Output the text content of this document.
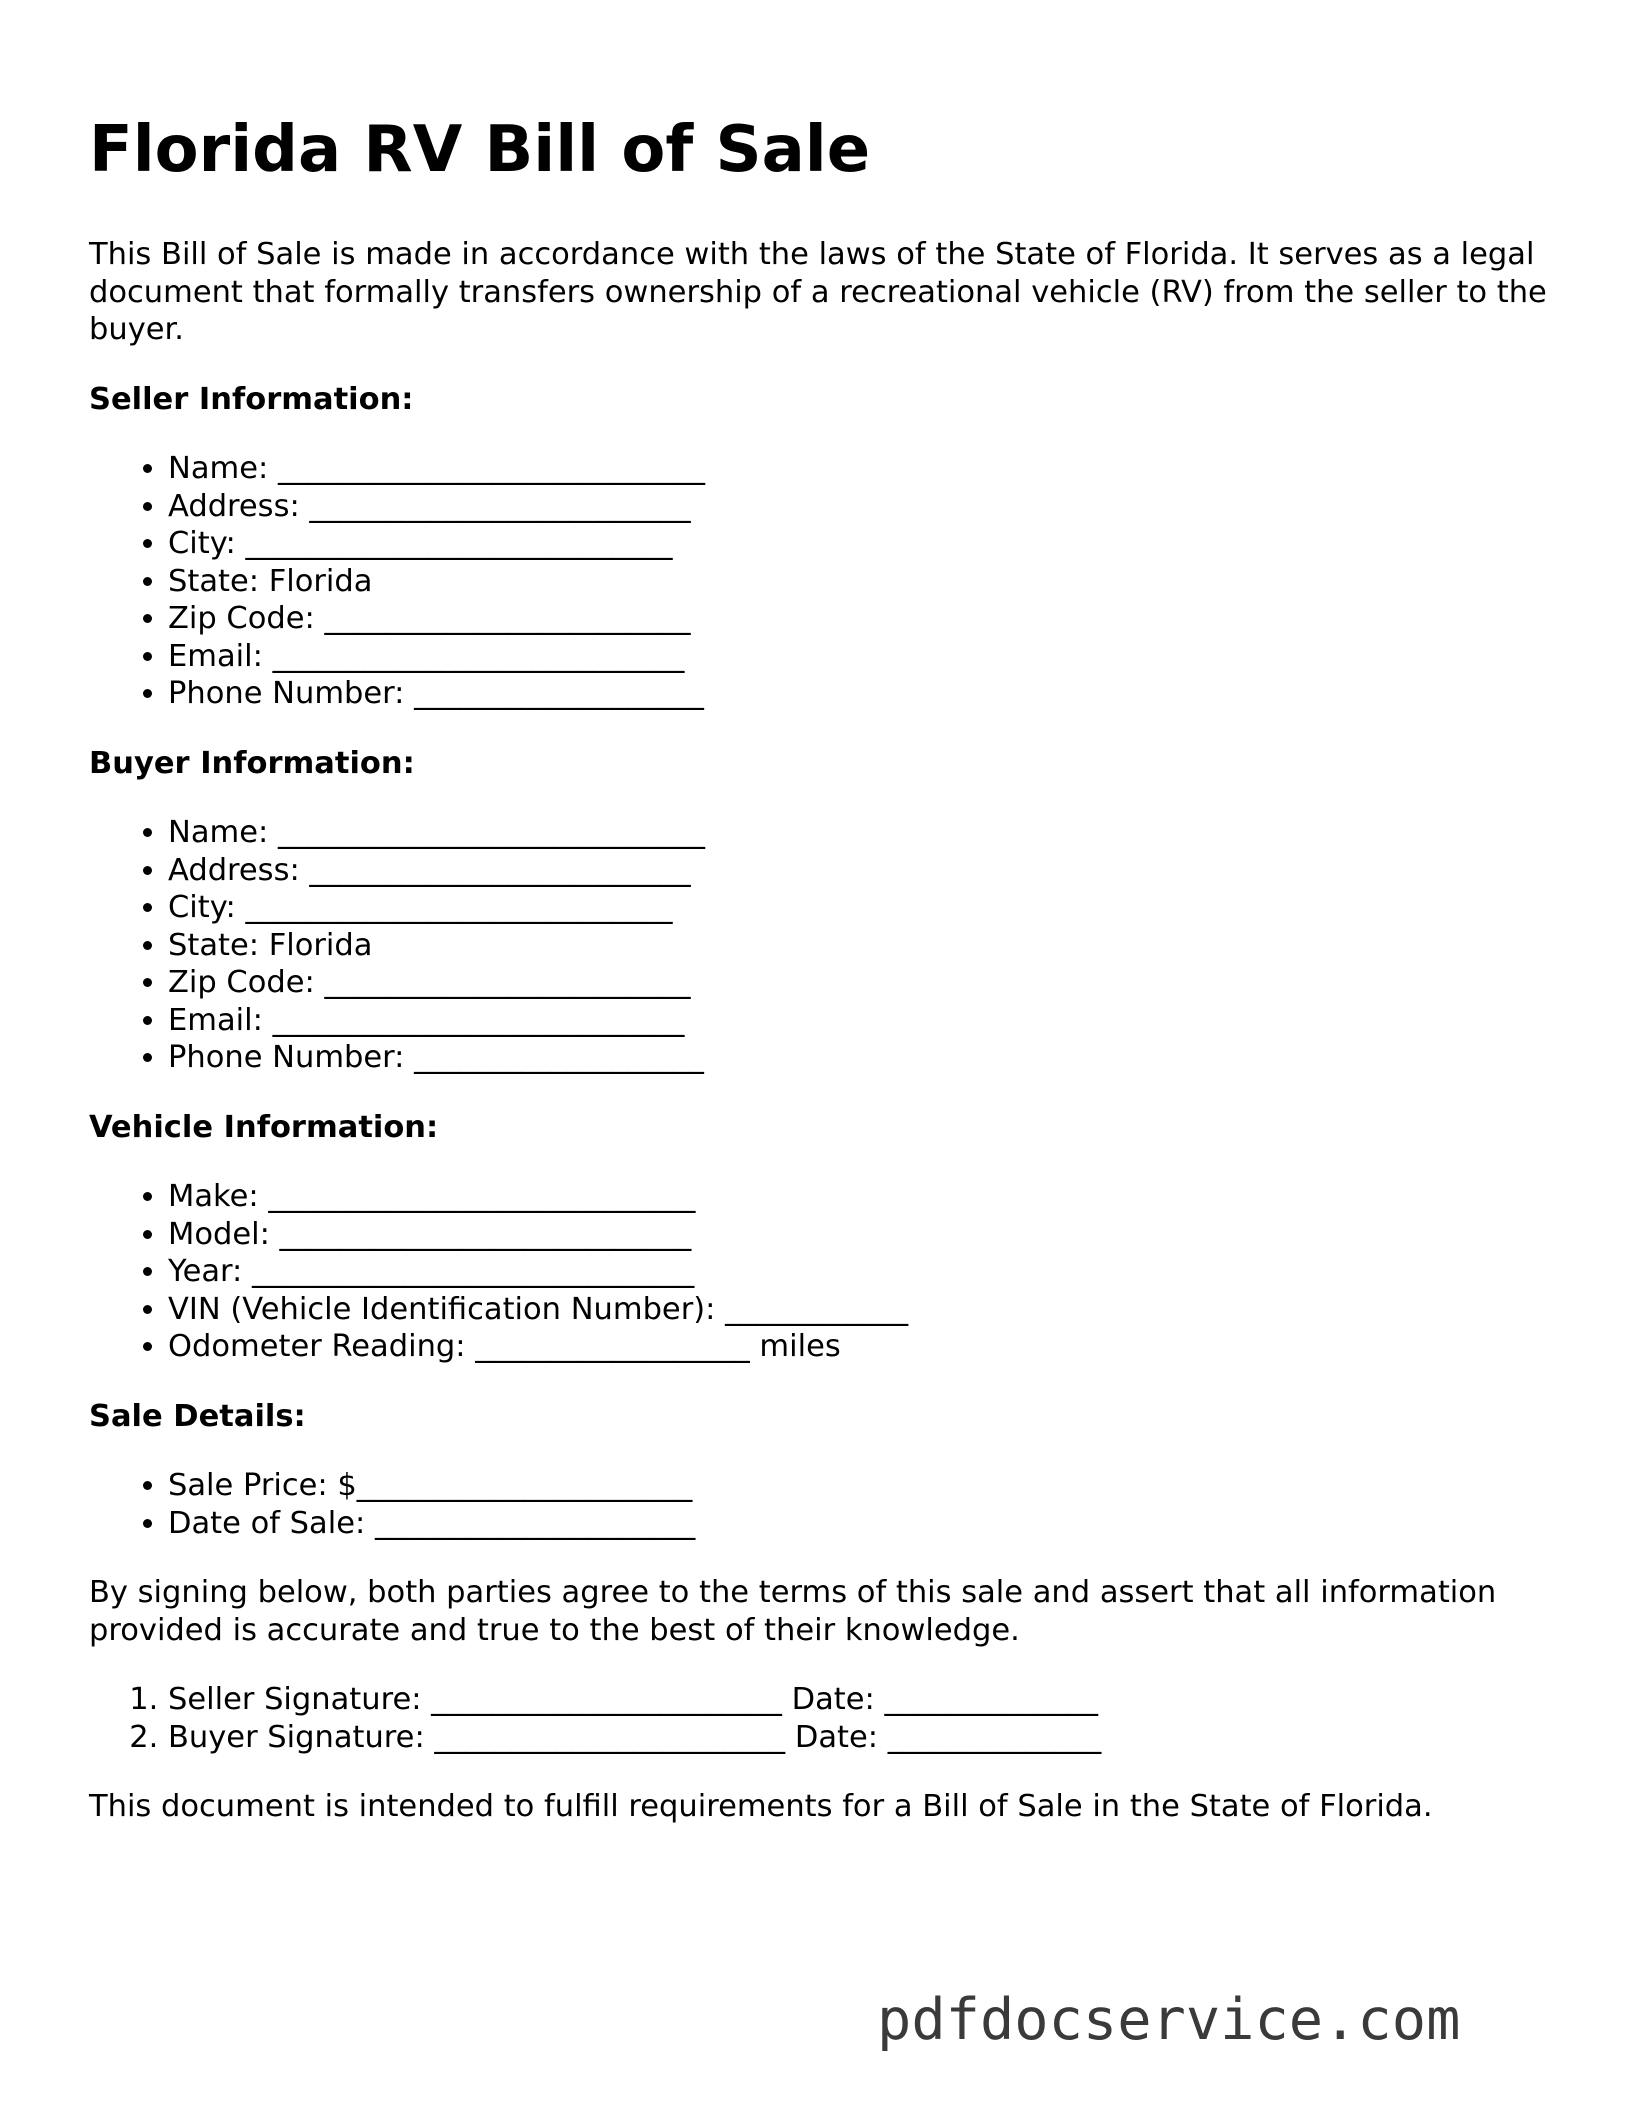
Florida RV Bill of Sale

This Bill of Sale is made in accordance with the laws of the State of Florida. It serves as a legal document that formally transfers ownership of a recreational vehicle (RV) from the seller to the buyer.

Seller Information:
• Name: ____________________________
• Address: _________________________
• City: ____________________________
• State: Florida
• Zip Code: ________________________
• Email: ___________________________
• Phone Number: ___________________
Buyer Information:
• Name: ____________________________
• Address: _________________________
• City: ____________________________
• State: Florida
• Zip Code: ________________________
• Email: ___________________________
• Phone Number: ___________________
Vehicle Information:
• Make: ____________________________
• Model: ___________________________
• Year: _____________________________
• VIN (Vehicle Identification Number): ____________
• Odometer Reading: __________________ miles
Sale Details:
• Sale Price: $______________________
• Date of Sale: _____________________

By signing below, both parties agree to the terms of this sale and assert that all information provided is accurate and true to the best of their knowledge.

1. Seller Signature: _______________________ Date: ______________
2. Buyer Signature: _______________________ Date: ______________

This document is intended to fulfill requirements for a Bill of Sale in the State of Florida.

pdfdocservice.com
